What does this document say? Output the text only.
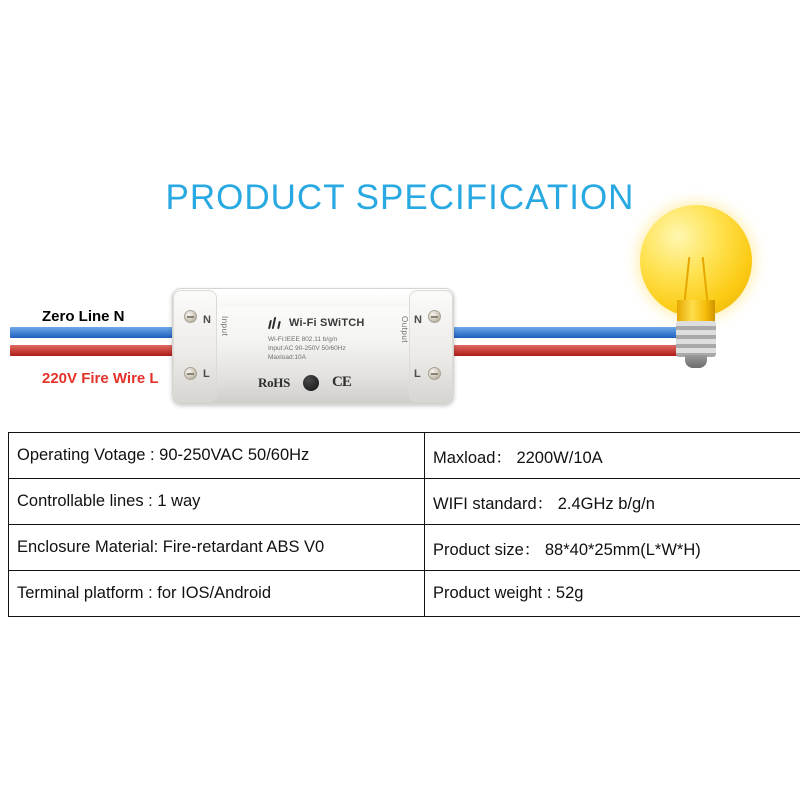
PRODUCT SPECIFICATION
Zero Line N
220V Fire Wire L
N
L
N
L
Input	Output
Wi-Fi SWiTCH
Wi-Fi:IEEE 802.11 b/g/n
Input:AC 90-250V 50/60Hz
Maxload:10A
RoHS	CE
Operating Votage : 90-250VAC 50/60Hz	Maxload： 2200W/10A
Controllable lines : 1 way	WIFI standard： 2.4GHz b/g/n
Enclosure Material: Fire-retardant ABS V0	Product size： 88*40*25mm(L*W*H)
Terminal platform : for IOS/Android	Product weight : 52g
